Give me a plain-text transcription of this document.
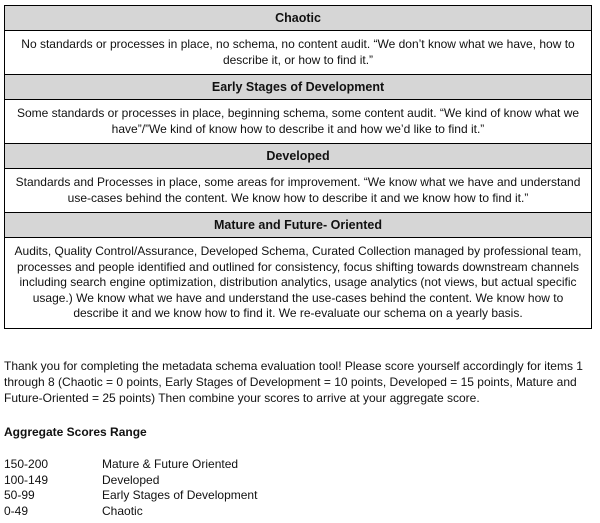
Chaotic
No standards or processes in place, no schema, no content audit. “We don’t know what we have, how to describe it, or how to find it.”
Early Stages of Development
Some standards or processes in place, beginning schema, some content audit. “We kind of know what we have”/”We kind of know how to describe it and how we’d like to find it.”
Developed
Standards and Processes in place, some areas for improvement. “We know what we have and understand use-cases behind the content. We know how to describe it and we know how to find it.”
Mature and Future- Oriented
Audits, Quality Control/Assurance, Developed Schema, Curated Collection managed by professional team, processes and people identified and outlined for consistency, focus shifting towards downstream channels including search engine optimization, distribution analytics, usage analytics (not views, but actual specific usage.) We know what we have and understand the use-cases behind the content. We know how to describe it and we know how to find it. We re-evaluate our schema on a yearly basis.
Thank you for completing the metadata schema evaluation tool! Please score yourself accordingly for items 1 through 8 (Chaotic = 0 points, Early Stages of Development = 10 points, Developed = 15 points, Mature and Future-Oriented = 25 points) Then combine your scores to arrive at your aggregate score.
Aggregate Scores Range
150-200	Mature & Future Oriented
100-149	Developed
50-99	Early Stages of Development
0-49	Chaotic
